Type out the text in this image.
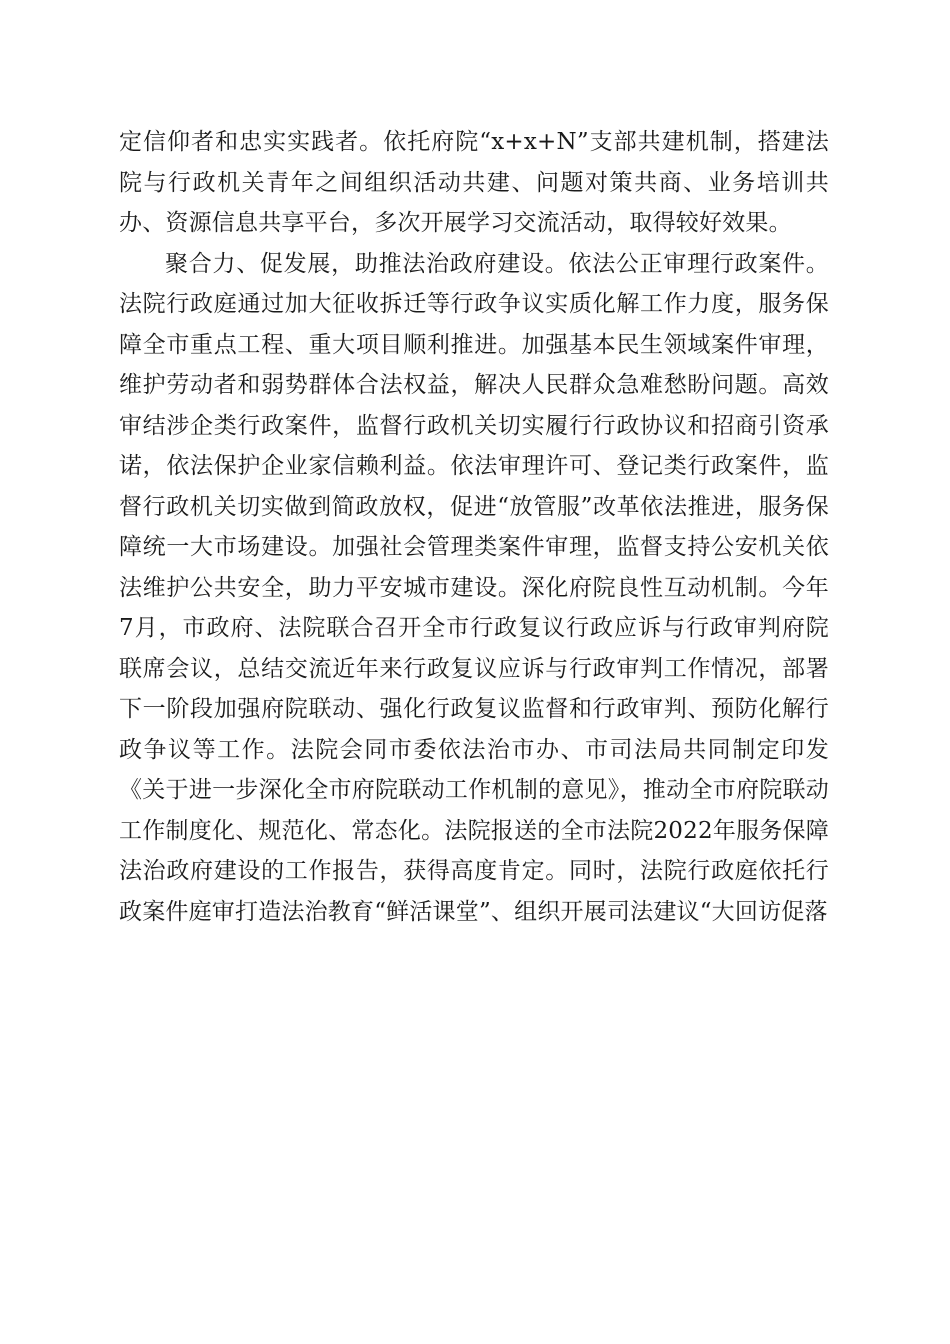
定信仰者和忠实实践者。依托府院“x+x+N”支部共建机制，搭建法院与行政机关青年之间组织活动共建、问题对策共商、业务培训共办、资源信息共享平台，多次开展学习交流活动，取得较好效果。

聚合力、促发展，助推法治政府建设。依法公正审理行政案件。法院行政庭通过加大征收拆迁等行政争议实质化解工作力度，服务保障全市重点工程、重大项目顺利推进。加强基本民生领域案件审理，维护劳动者和弱势群体合法权益，解决人民群众急难愁盼问题。高效审结涉企类行政案件，监督行政机关切实履行行政协议和招商引资承诺，依法保护企业家信赖利益。依法审理许可、登记类行政案件，监督行政机关切实做到简政放权，促进“放管服”改革依法推进，服务保障统一大市场建设。加强社会管理类案件审理，监督支持公安机关依法维护公共安全，助力平安城市建设。深化府院良性互动机制。今年7月，市政府、法院联合召开全市行政复议行政应诉与行政审判府院联席会议，总结交流近年来行政复议应诉与行政审判工作情况，部署下一阶段加强府院联动、强化行政复议监督和行政审判、预防化解行政争议等工作。法院会同市委依法治市办、市司法局共同制定印发《关于进一步深化全市府院联动工作机制的意见》，推动全市府院联动工作制度化、规范化、常态化。法院报送的全市法院2022年服务保障法治政府建设的工作报告，获得高度肯定。同时，法院行政庭依托行政案件庭审打造法治教育“鲜活课堂”、组织开展司法建议“大回访促落
